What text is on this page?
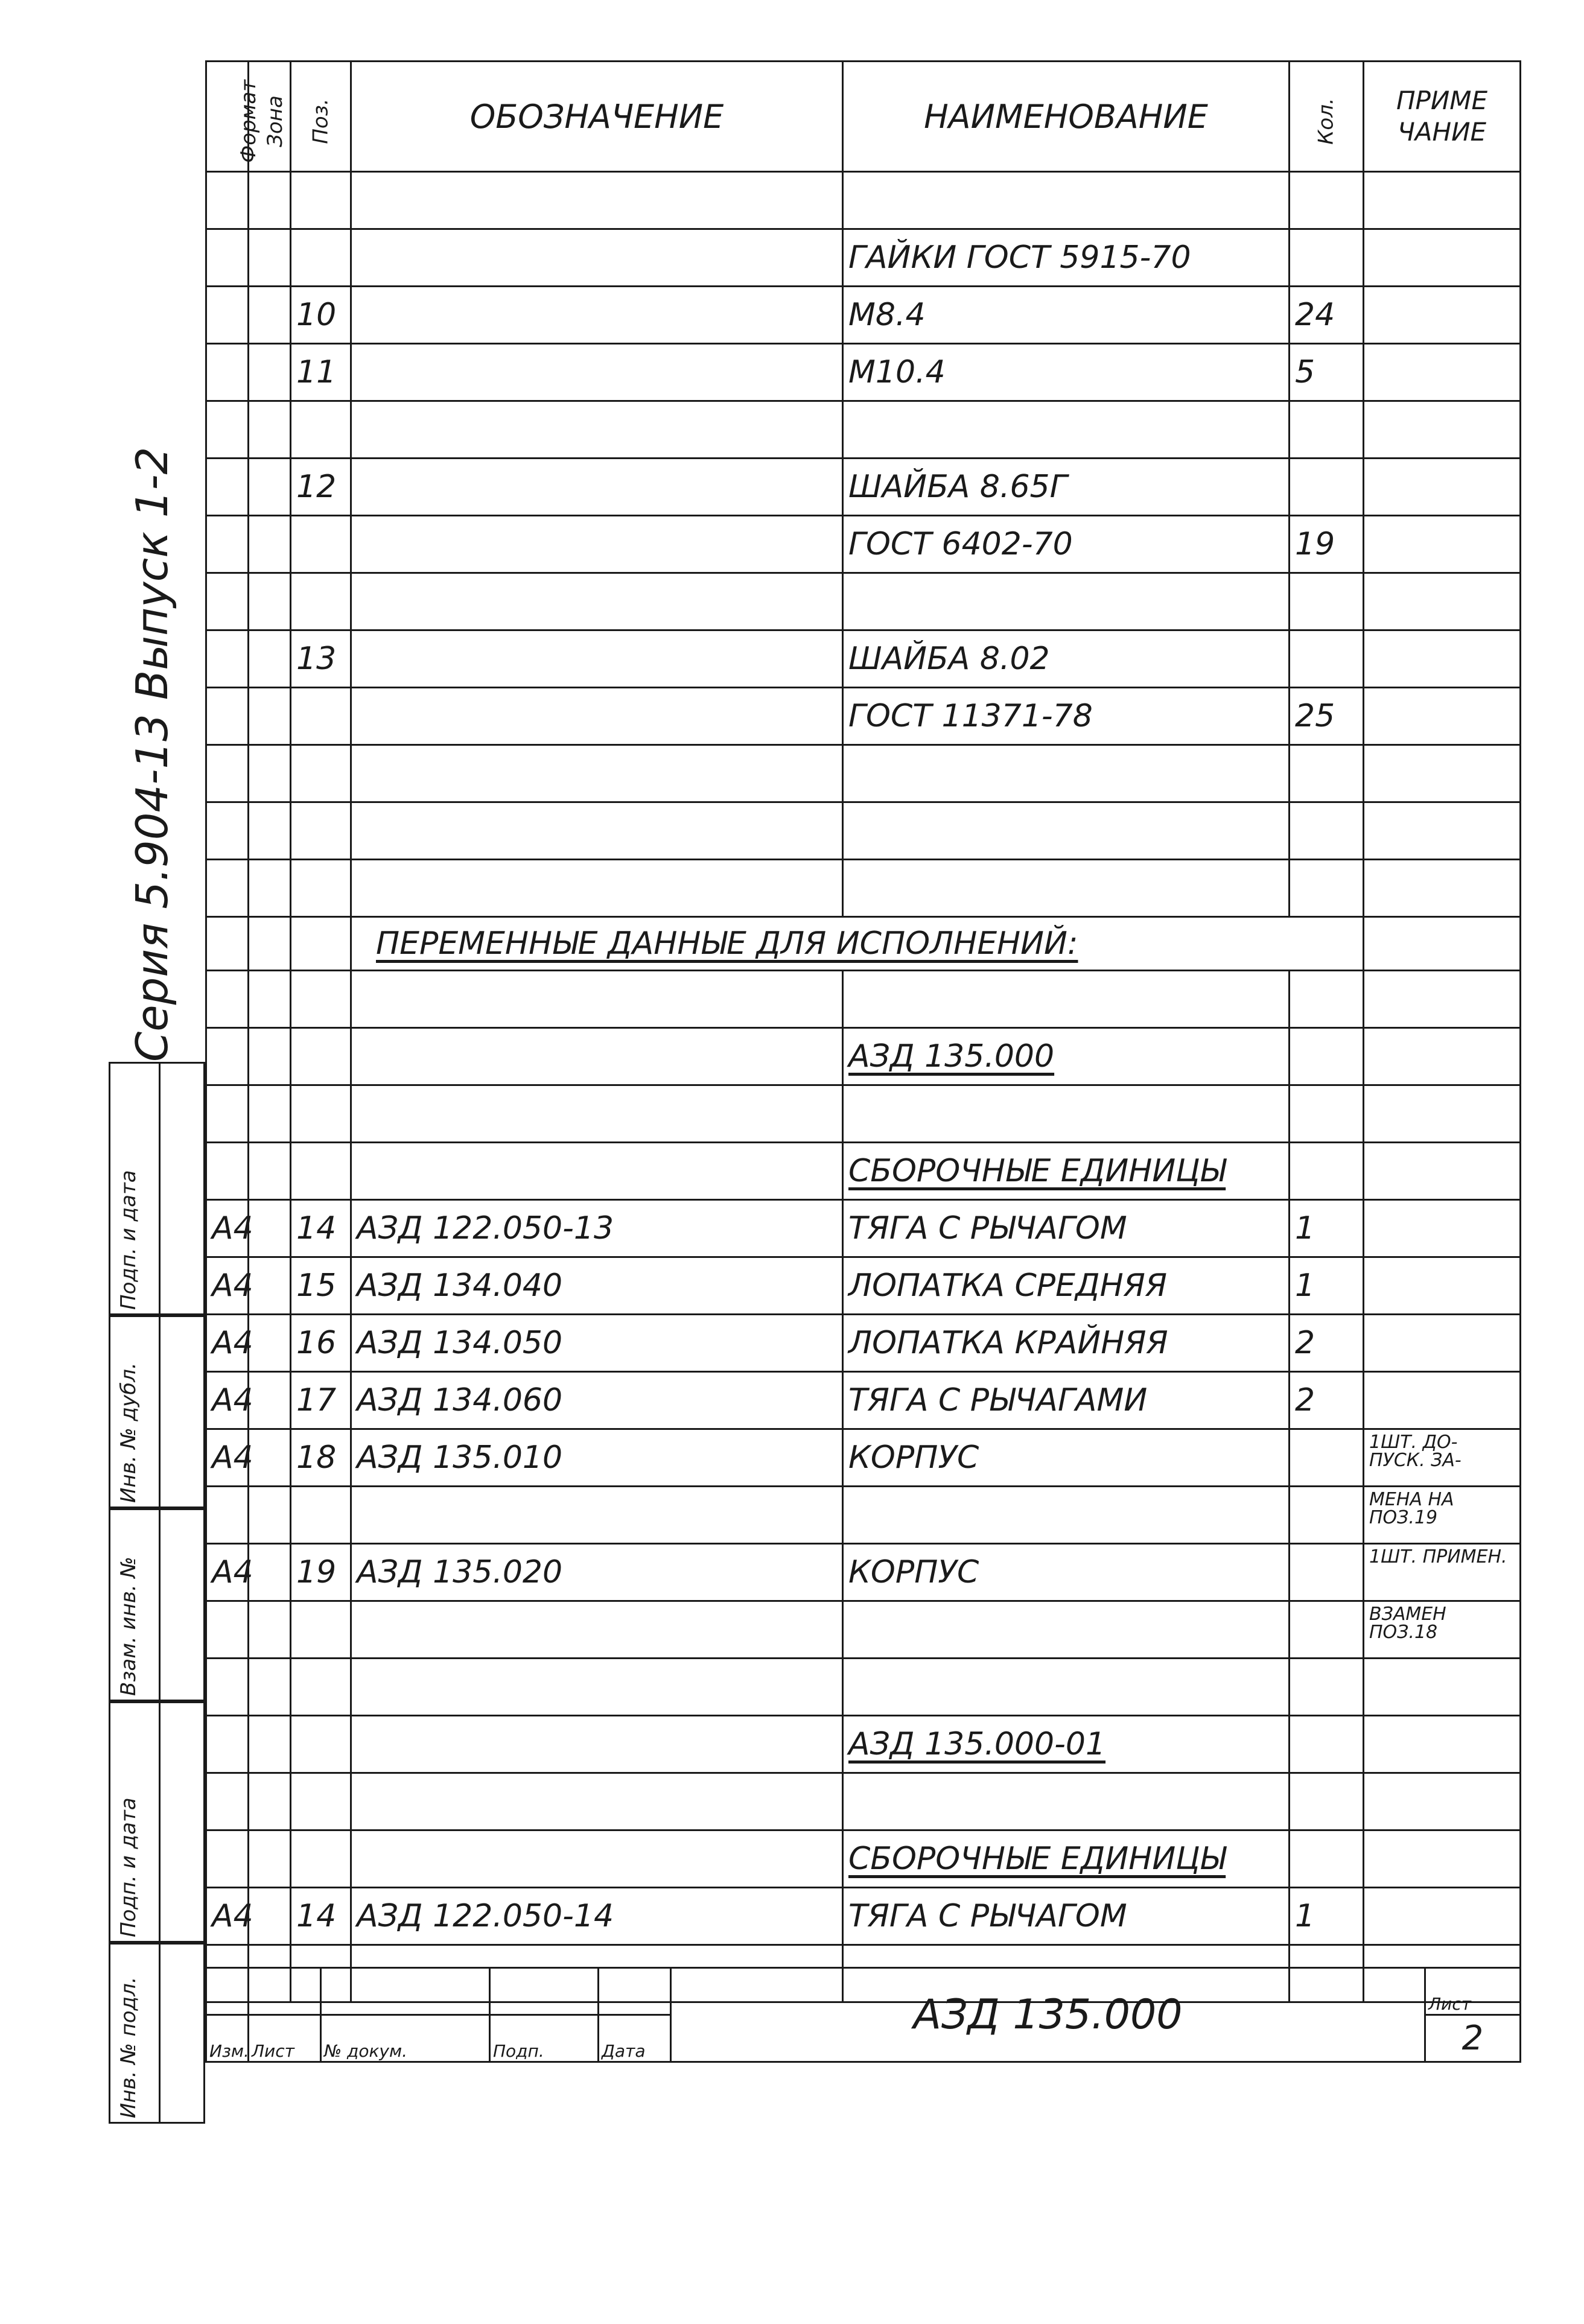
Серия 5.904-13 Выпуск 1-2
Подп. и дата
Инв. № дубл.
Взам. инв. №
Подп. и дата
Инв. № подл.
Формат	Зона	Поз.	ОБОЗНАЧЕНИЕ	НАИМЕНОВАНИЕ	Кол.	ПРИМЕ ЧАНИЕ

				ГАЙКИ ГОСТ 5915-70		
		10		М8.4	24	
		11		М10.4	5	

		12		ШАЙБА 8.65Г		
				ГОСТ 6402-70	19	

		13		ШАЙБА 8.02		
				ГОСТ 11371-78	25	

			ПЕРЕМЕННЫЕ ДАННЫЕ ДЛЯ ИСПОЛНЕНИЙ:			

				АЗД 135.000		

				СБОРОЧНЫЕ ЕДИНИЦЫ		
А4		14	АЗД 122.050-13	ТЯГА С РЫЧАГОМ	1	
А4		15	АЗД 134.040	ЛОПАТКА СРЕДНЯЯ	1	
А4		16	АЗД 134.050	ЛОПАТКА КРАЙНЯЯ	2	
А4		17	АЗД 134.060	ТЯГА С РЫЧАГАМИ	2	
А4		18	АЗД 135.010	КОРПУС		1ШТ. ДО- ПУСК. ЗА-
						МЕНА НА ПОЗ.19
А4		19	АЗД 135.020	КОРПУС		1ШТ. ПРИМЕН.
						ВЗАМЕН ПОЗ.18

				АЗД 135.000-01		

				СБОРОЧНЫЕ ЕДИНИЦЫ		
А4		14	АЗД 122.050-14	ТЯГА С РЫЧАГОМ	1	

					АЗД 135.000	Лист
Изм.	Лист	№ докум.	Подп.	Дата		2
